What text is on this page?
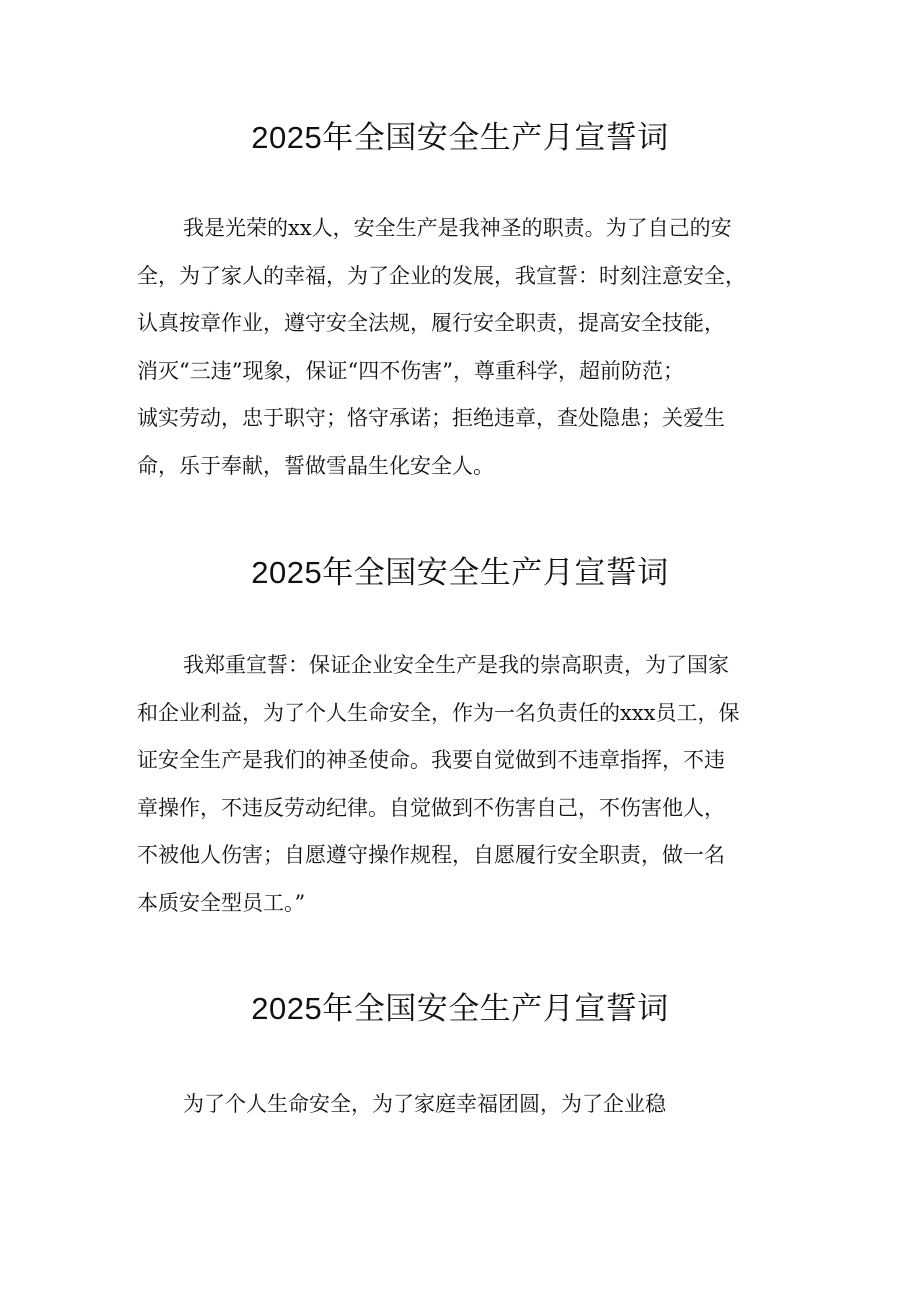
2025年全国安全生产月宣誓词
我是光荣的xx人，安全生产是我神圣的职责。为了自己的安
全，为了家人的幸福，为了企业的发展，我宣誓：时刻注意安全，
认真按章作业，遵守安全法规，履行安全职责，提高安全技能，
消灭“三违”现象，保证“四不伤害”，尊重科学，超前防范；
诚实劳动，忠于职守；恪守承诺；拒绝违章，查处隐患；关爱生
命，乐于奉献，誓做雪晶生化安全人。
2025年全国安全生产月宣誓词
我郑重宣誓：保证企业安全生产是我的崇高职责，为了国家
和企业利益，为了个人生命安全，作为一名负责任的xxx员工，保
证安全生产是我们的神圣使命。我要自觉做到不违章指挥，不违
章操作，不违反劳动纪律。自觉做到不伤害自己，不伤害他人，
不被他人伤害；自愿遵守操作规程，自愿履行安全职责，做一名
本质安全型员工。”
2025年全国安全生产月宣誓词
为了个人生命安全，为了家庭幸福团圆，为了企业稳
